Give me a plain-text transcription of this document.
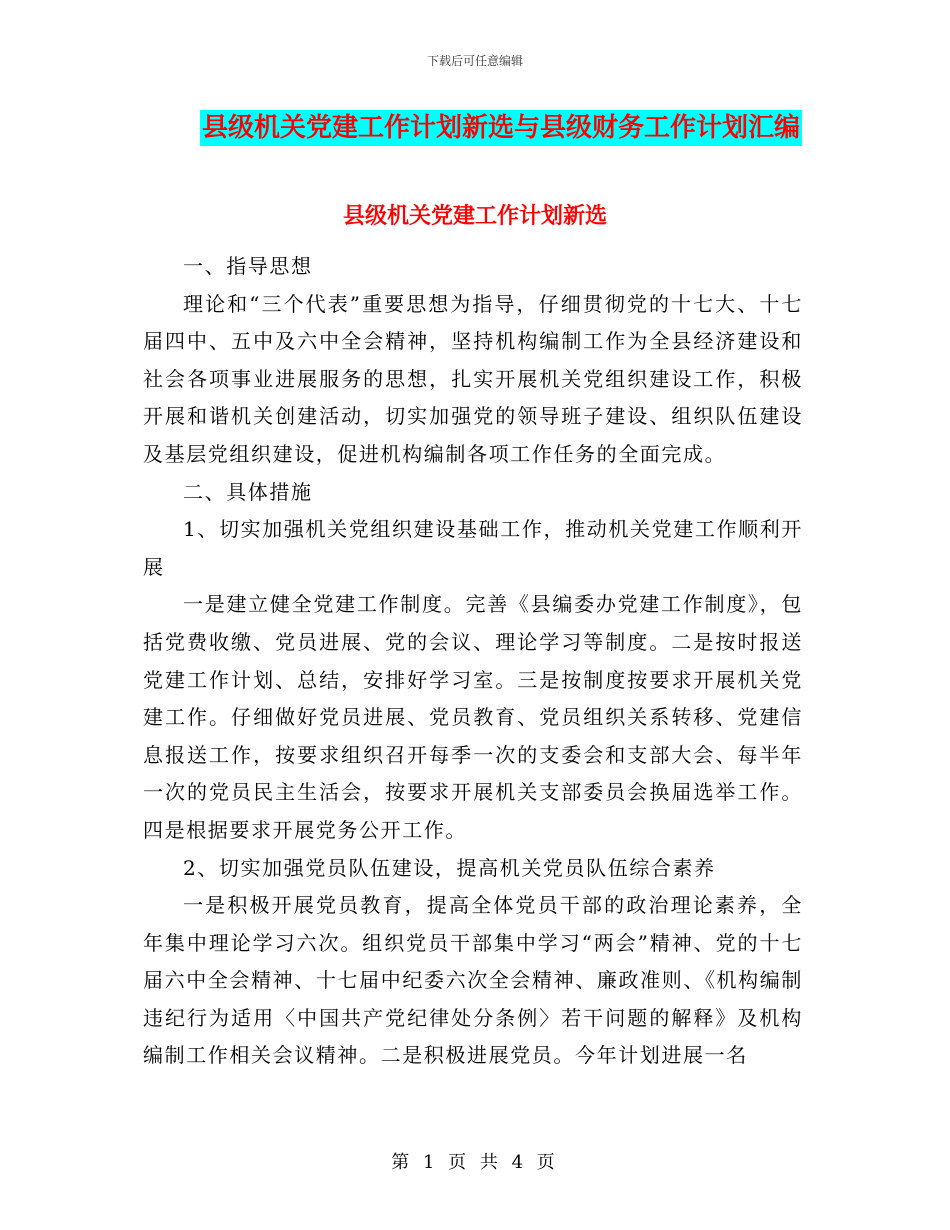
下载后可任意编辑
县级机关党建工作计划新选与县级财务工作计划汇编
县级机关党建工作计划新选

一、指导思想

理论和“三个代表”重要思想为指导，仔细贯彻党的十七大、十七届四中、五中及六中全会精神，坚持机构编制工作为全县经济建设和社会各项事业进展服务的思想，扎实开展机关党组织建设工作，积极开展和谐机关创建活动，切实加强党的领导班子建设、组织队伍建设及基层党组织建设，促进机构编制各项工作任务的全面完成。

二、具体措施

1、切实加强机关党组织建设基础工作，推动机关党建工作顺利开展

一是建立健全党建工作制度。完善《县编委办党建工作制度》，包括党费收缴、党员进展、党的会议、理论学习等制度。二是按时报送党建工作计划、总结，安排好学习室。三是按制度按要求开展机关党建工作。仔细做好党员进展、党员教育、党员组织关系转移、党建信息报送工作，按要求组织召开每季一次的支委会和支部大会、每半年一次的党员民主生活会，按要求开展机关支部委员会换届选举工作。四是根据要求开展党务公开工作。

2、切实加强党员队伍建设，提高机关党员队伍综合素养

一是积极开展党员教育，提高全体党员干部的政治理论素养，全年集中理论学习六次。组织党员干部集中学习“两会”精神、党的十七届六中全会精神、十七届中纪委六次全会精神、廉政准则、《机构编制违纪行为适用〈中国共产党纪律处分条例〉若干问题的解释》及机构编制工作相关会议精神。二是积极进展党员。今年计划进展一名

第 1 页 共 4 页
